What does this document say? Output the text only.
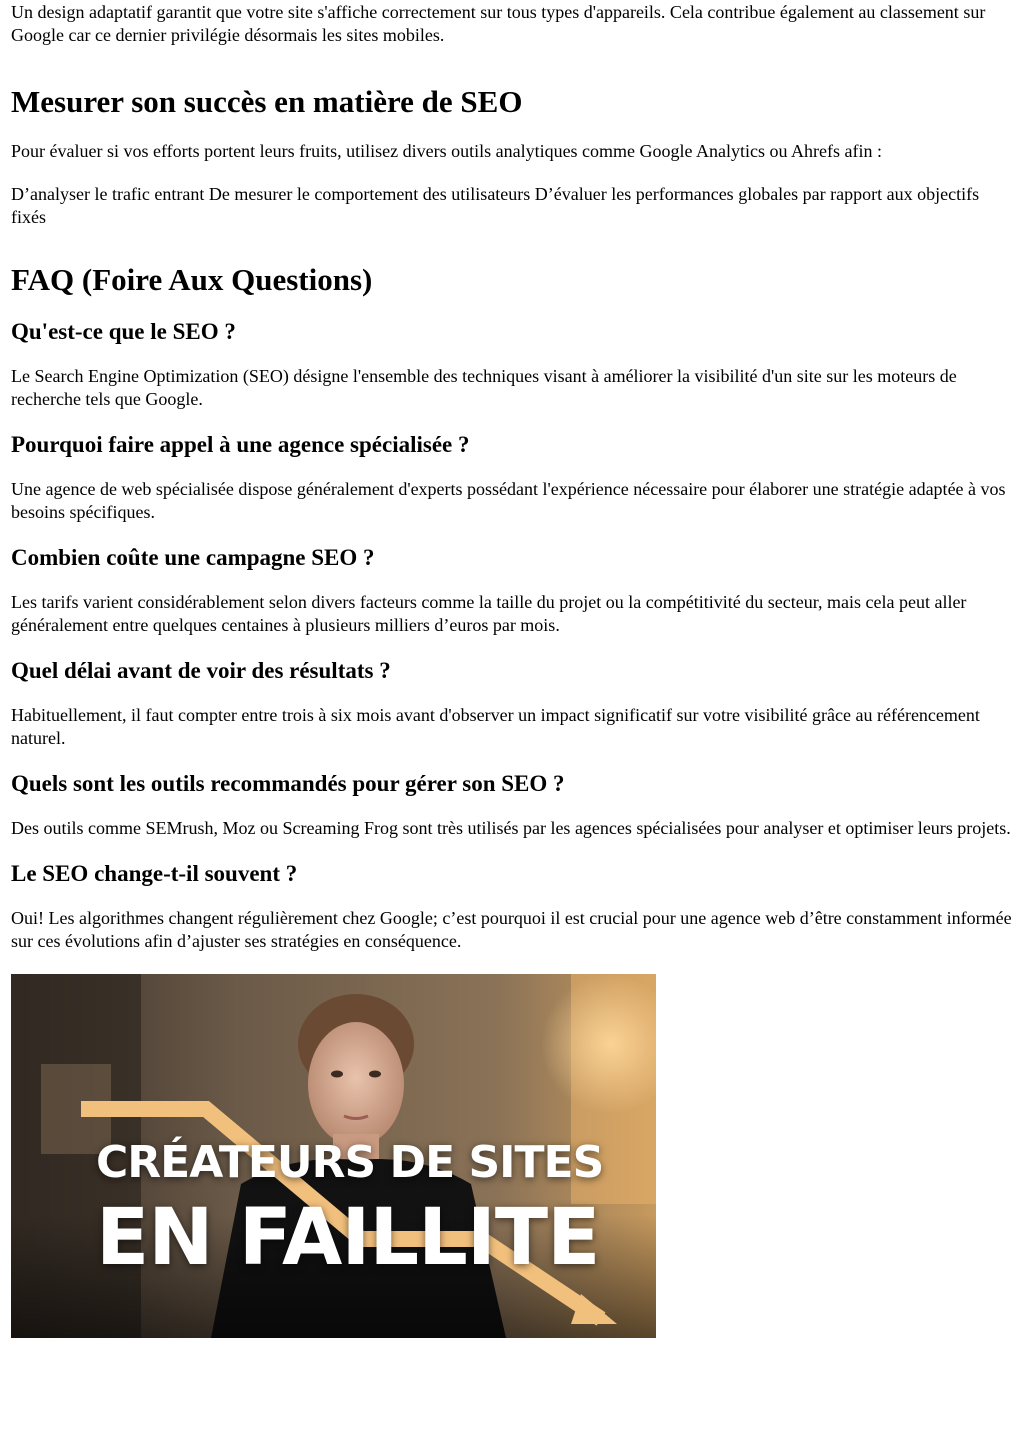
Un design adaptatif garantit que votre site s'affiche correctement sur tous types d'appareils. Cela contribue également au classement sur Google car ce dernier privilégie désormais les sites mobiles.

Mesurer son succès en matière de SEO

Pour évaluer si vos efforts portent leurs fruits, utilisez divers outils analytiques comme Google Analytics ou Ahrefs afin :

D’analyser le trafic entrant De mesurer le comportement des utilisateurs D’évaluer les performances globales par rapport aux objectifs fixés

FAQ (Foire Aux Questions)
Qu'est-ce que le SEO ?

Le Search Engine Optimization (SEO) désigne l'ensemble des techniques visant à améliorer la visibilité d'un site sur les moteurs de recherche tels que Google.

Pourquoi faire appel à une agence spécialisée ?

Une agence de web spécialisée dispose généralement d'experts possédant l'expérience nécessaire pour élaborer une stratégie adaptée à vos besoins spécifiques.

Combien coûte une campagne SEO ?

Les tarifs varient considérablement selon divers facteurs comme la taille du projet ou la compétitivité du secteur, mais cela peut aller généralement entre quelques centaines à plusieurs milliers d’euros par mois.

Quel délai avant de voir des résultats ?

Habituellement, il faut compter entre trois à six mois avant d'observer un impact significatif sur votre visibilité grâce au référencement naturel.

Quels sont les outils recommandés pour gérer son SEO ?

Des outils comme SEMrush, Moz ou Screaming Frog sont très utilisés par les agences spécialisées pour analyser et optimiser leurs projets.

Le SEO change-t-il souvent ?

Oui! Les algorithmes changent régulièrement chez Google; c’est pourquoi il est crucial pour une agence web d’être constamment informée sur ces évolutions afin d’ajuster ses stratégies en conséquence.

CRÉATEURS DE SITES
EN FAILLITE
